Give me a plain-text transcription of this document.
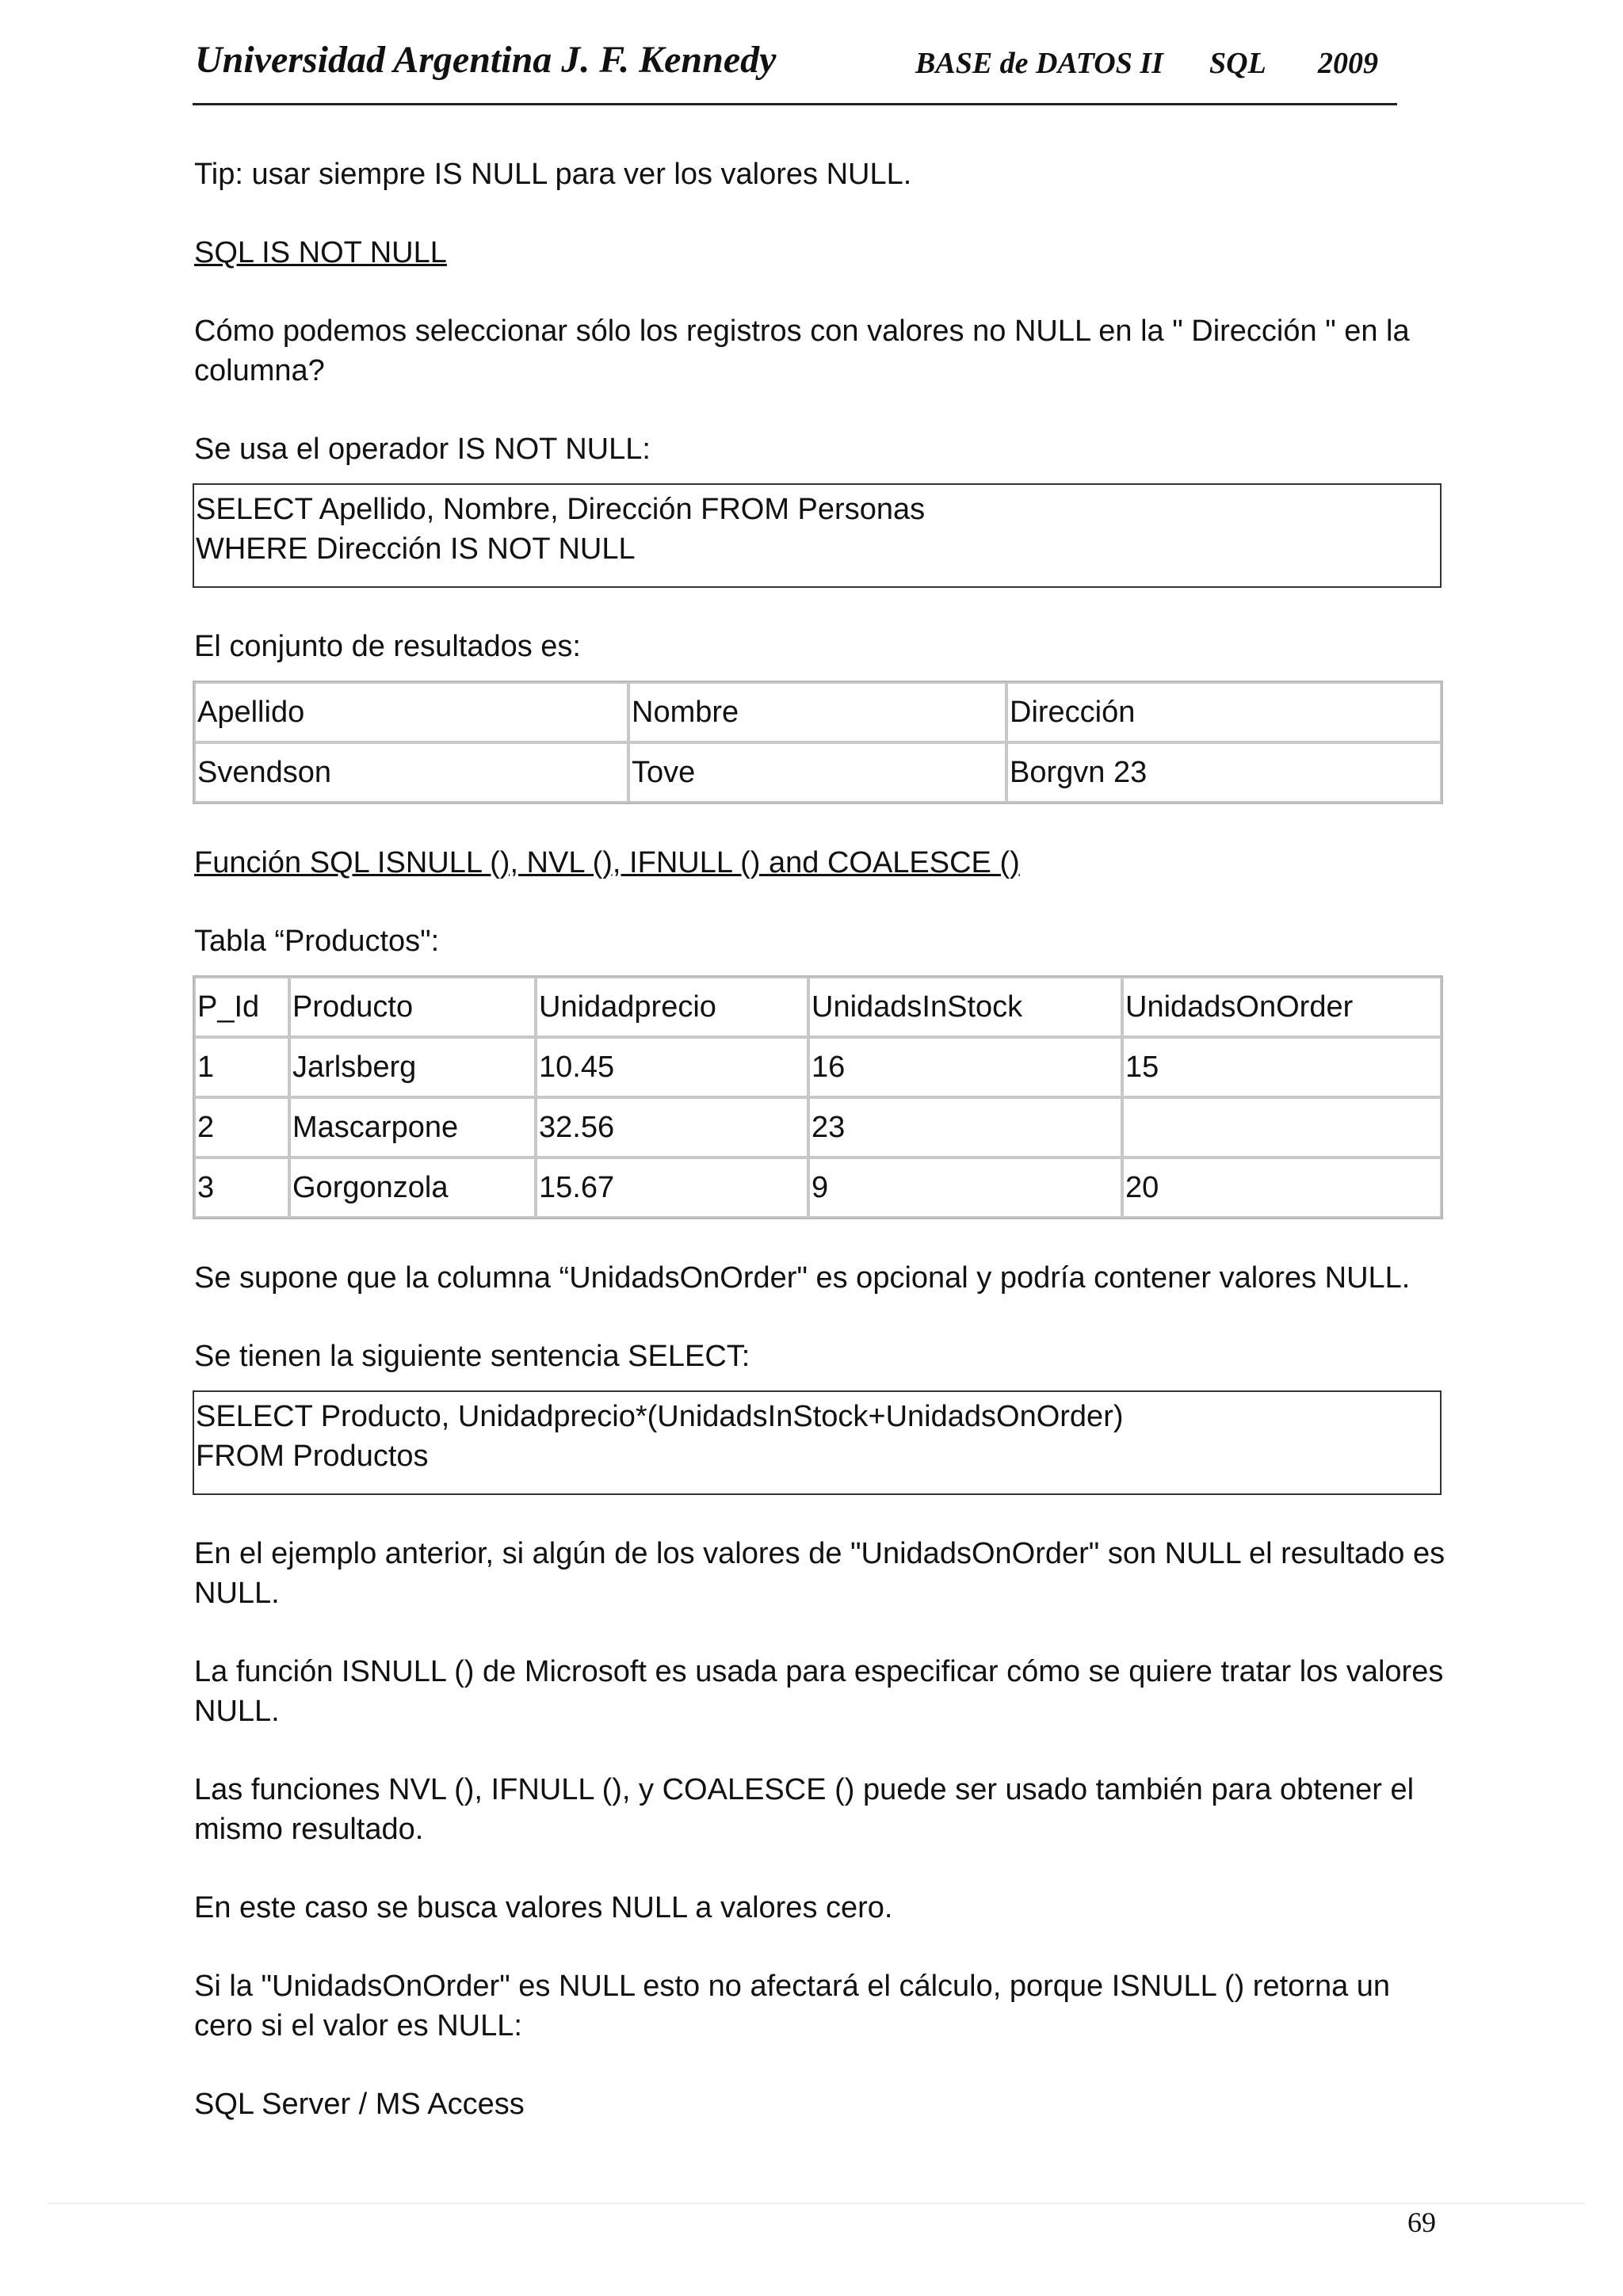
Universidad Argentina J. F. Kennedy	BASE de DATOS II SQL 2009

Tip: usar siempre IS NULL para ver los valores NULL.

SQL IS NOT NULL

Cómo podemos seleccionar sólo los registros con valores no NULL en la " Dirección " en la columna?

Se usa el operador IS NOT NULL:

SELECT Apellido, Nombre, Dirección FROM Personas
WHERE Dirección IS NOT NULL

El conjunto de resultados es:

Apellido	Nombre	Dirección
Svendson	Tove	Borgvn 23

Función SQL ISNULL (), NVL (), IFNULL () and COALESCE ()

Tabla “Productos":

P_Id	Producto	Unidadprecio	UnidadsInStock	UnidadsOnOrder
1	Jarlsberg	10.45	16	15
2	Mascarpone	32.56	23	
3	Gorgonzola	15.67	9	20

Se supone que la columna “UnidadsOnOrder" es opcional y podría contener valores NULL.

Se tienen la siguiente sentencia SELECT:

SELECT Producto, Unidadprecio*(UnidadsInStock+UnidadsOnOrder)
FROM Productos

En el ejemplo anterior, si algún de los valores de "UnidadsOnOrder" son NULL el resultado es NULL.

La función ISNULL () de Microsoft es usada para especificar cómo se quiere tratar los valores NULL.

Las funciones NVL (), IFNULL (), y COALESCE () puede ser usado también para obtener el mismo resultado.

En este caso se busca valores NULL a valores cero.

Si la "UnidadsOnOrder" es NULL esto no afectará el cálculo, porque ISNULL () retorna un cero si el valor es NULL:

SQL Server / MS Access

69
